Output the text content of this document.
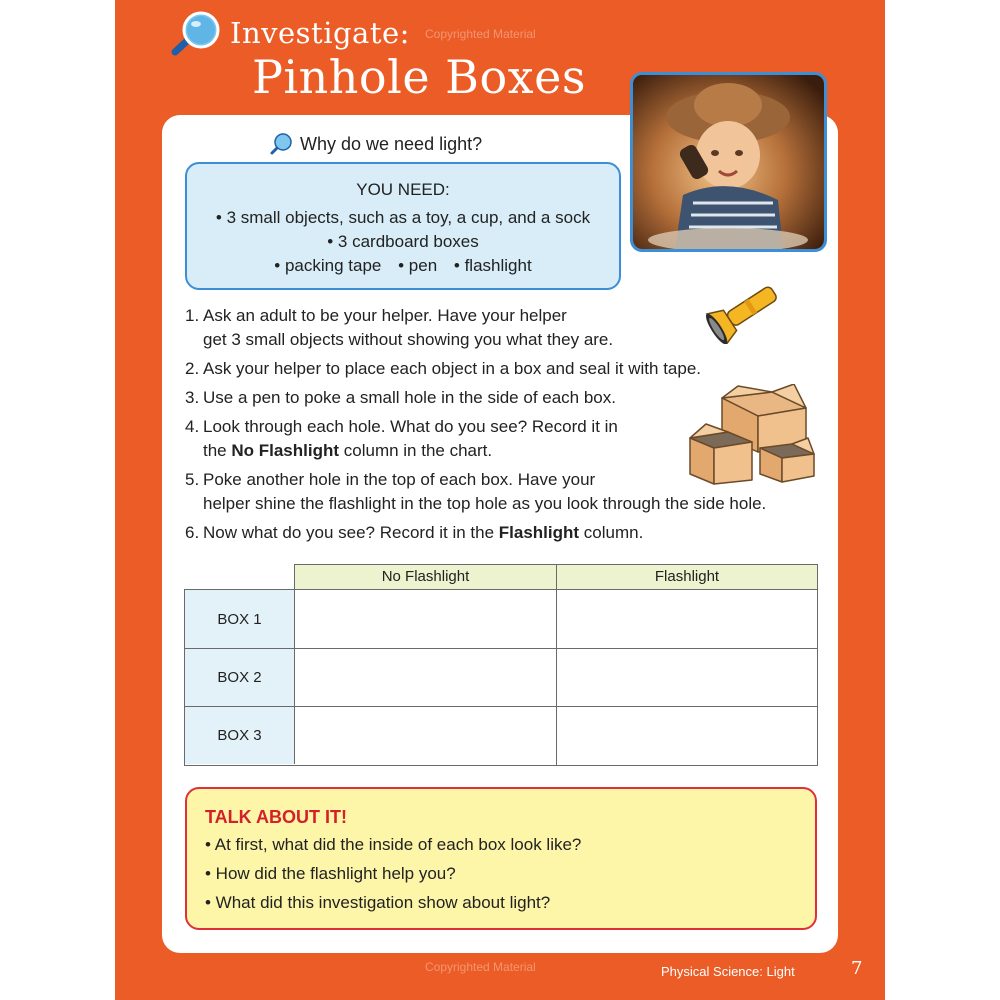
Investigate:
Pinhole Boxes
Copyrighted Material
Why do we need light?
YOU NEED:
• 3 small objects, such as a toy, a cup, and a sock
• 3 cardboard boxes
• packing tape • pen • flashlight
1. Ask an adult to be your helper. Have your helper
get 3 small objects without showing you what they are.
2. Ask your helper to place each object in a box and seal it with tape.
3. Use a pen to poke a small hole in the side of each box.
4. Look through each hole. What do you see? Record it in
the No Flashlight column in the chart.
5. Poke another hole in the top of each box. Have your
helper shine the flashlight in the top hole as you look through the side hole.
6. Now what do you see? Record it in the Flashlight column.
No Flashlight	Flashlight
BOX 1
BOX 2
BOX 3
TALK ABOUT IT!
• At first, what did the inside of each box look like?
• How did the flashlight help you?
• What did this investigation show about light?
Copyrighted Material	Physical Science: Light	7
